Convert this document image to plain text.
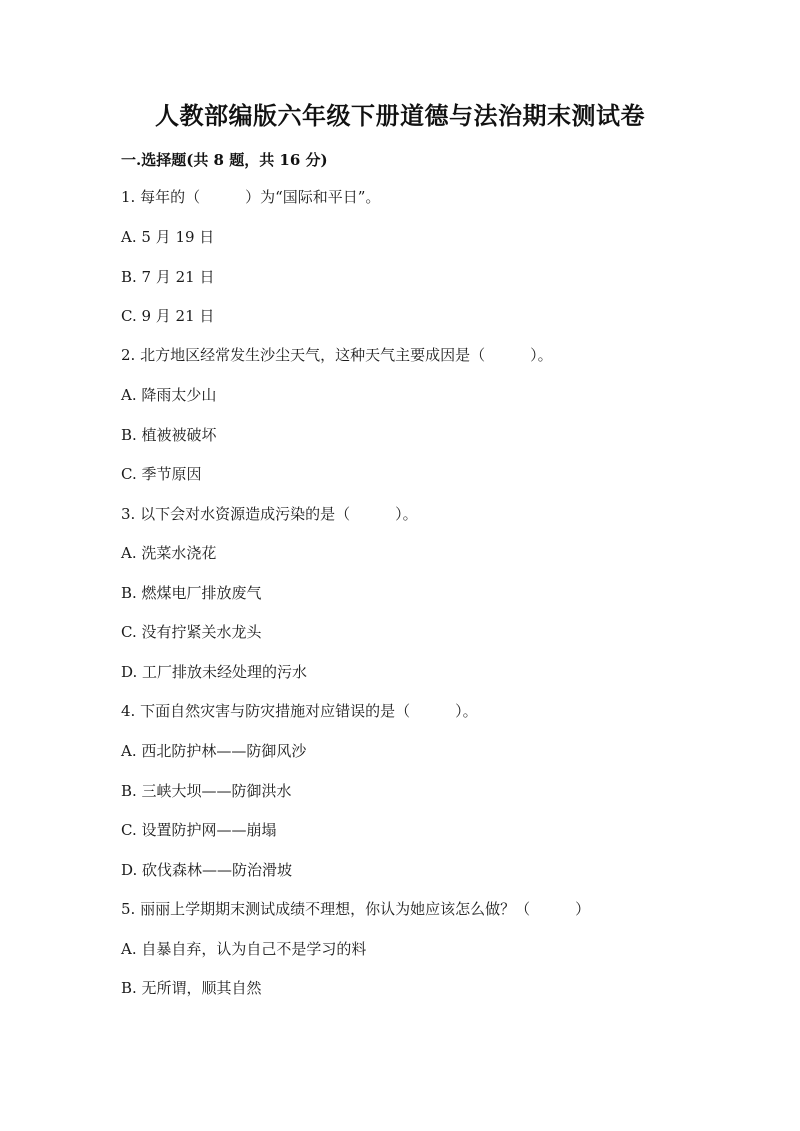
人教部编版六年级下册道德与法治期末测试卷
一.选择题(共 8 题，共 16 分)
1. 每年的（　　　）为“国际和平日”。
A. 5 月 19 日
B. 7 月 21 日
C. 9 月 21 日
2. 北方地区经常发生沙尘天气，这种天气主要成因是（　　　）。
A. 降雨太少山
B. 植被被破坏
C. 季节原因
3. 以下会对水资源造成污染的是（　　　）。
A. 洗菜水浇花
B. 燃煤电厂排放废气
C. 没有拧紧关水龙头
D. 工厂排放未经处理的污水
4. 下面自然灾害与防灾措施对应错误的是（　　　）。
A. 西北防护林——防御风沙
B. 三峡大坝——防御洪水
C. 设置防护网——崩塌
D. 砍伐森林——防治滑坡
5. 丽丽上学期期末测试成绩不理想，你认为她应该怎么做？（　　　）
A. 自暴自弃，认为自己不是学习的料
B. 无所谓，顺其自然
